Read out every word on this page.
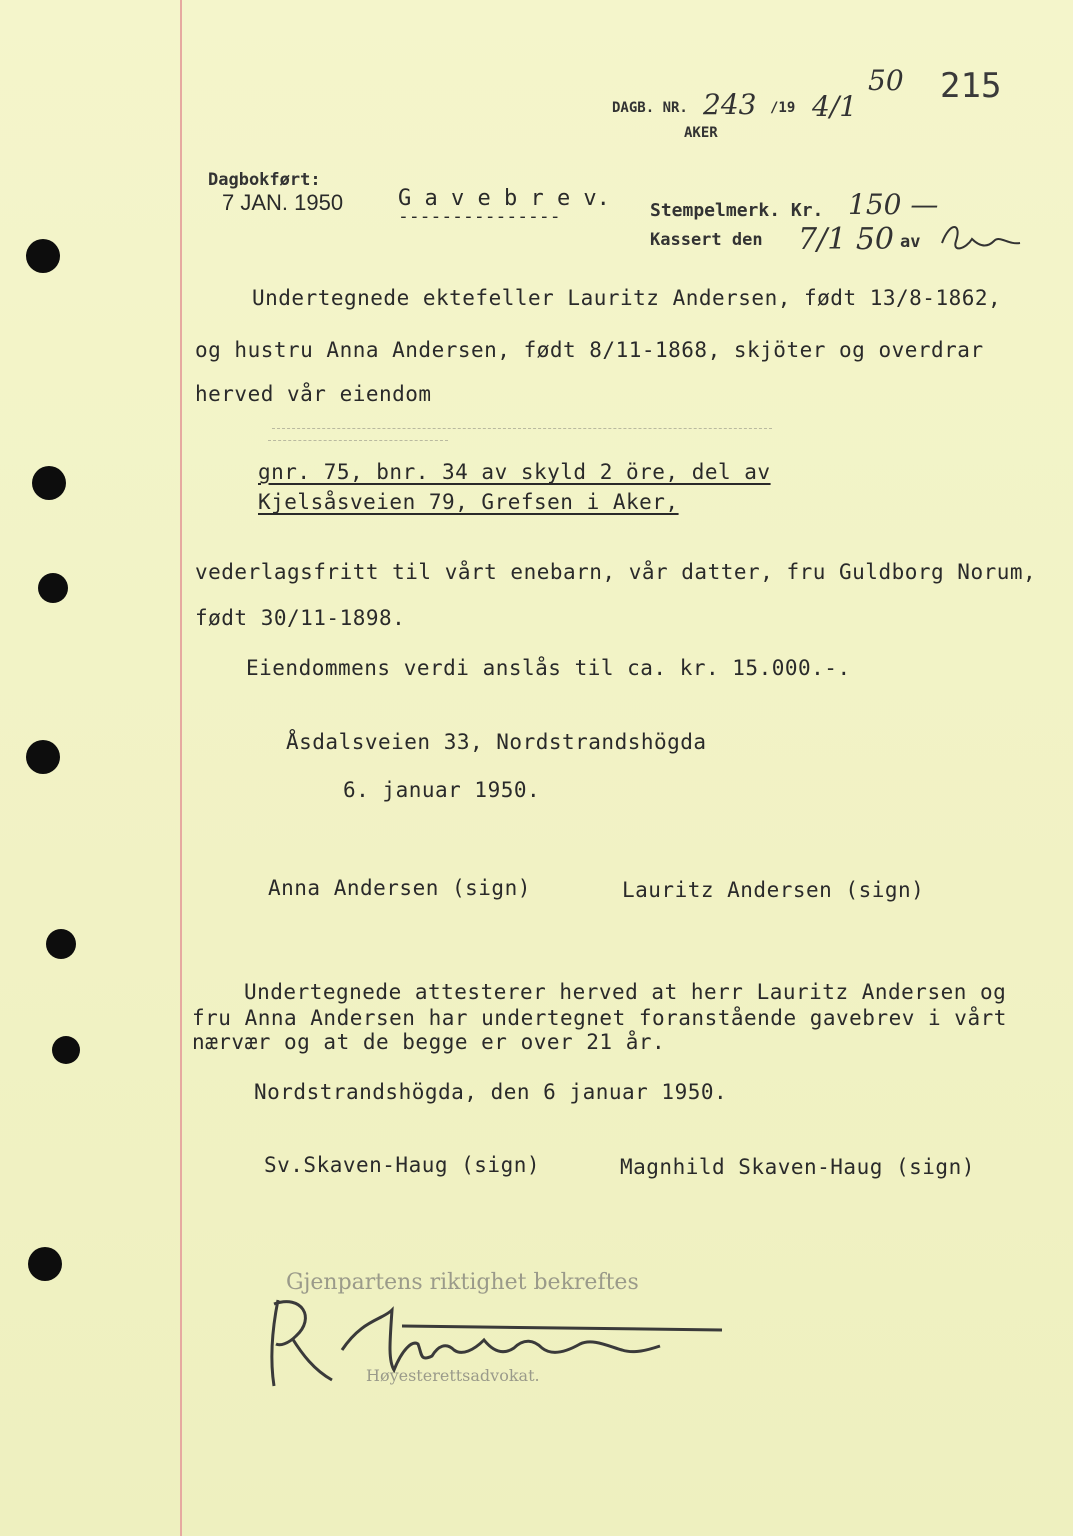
DAGB. NR. 243 /19 4/1
AKER
50 215
Dagbokført:
7 JAN. 1950 G a v e b r e v.
---------------	Stempelmerk. Kr. 150 —
Kassert den 7/1 50 av
Undertegnede ektefeller Lauritz Andersen, født 13/8-1862,
og hustru Anna Andersen, født 8/11-1868, skjöter og overdrar
herved vår eiendom
gnr. 75, bnr. 34 av skyld 2 öre, del av
Kjelsåsveien 79, Grefsen i Aker,
vederlagsfritt til vårt enebarn, vår datter, fru Guldborg Norum,
født 30/11-1898.
Eiendommens verdi anslås til ca. kr. 15.000.-.
Åsdalsveien 33, Nordstrandshögda
6. januar 1950.
Anna Andersen (sign)	Lauritz Andersen (sign)
Undertegnede attesterer herved at herr Lauritz Andersen og
fru Anna Andersen har undertegnet foranstående gavebrev i vårt
nærvær og at de begge er over 21 år.
Nordstrandshögda, den 6 januar 1950.
Sv.Skaven-Haug (sign)	Magnhild Skaven-Haug (sign)
Gjenpartens riktighet bekreftes
Høyesterettsadvokat.
